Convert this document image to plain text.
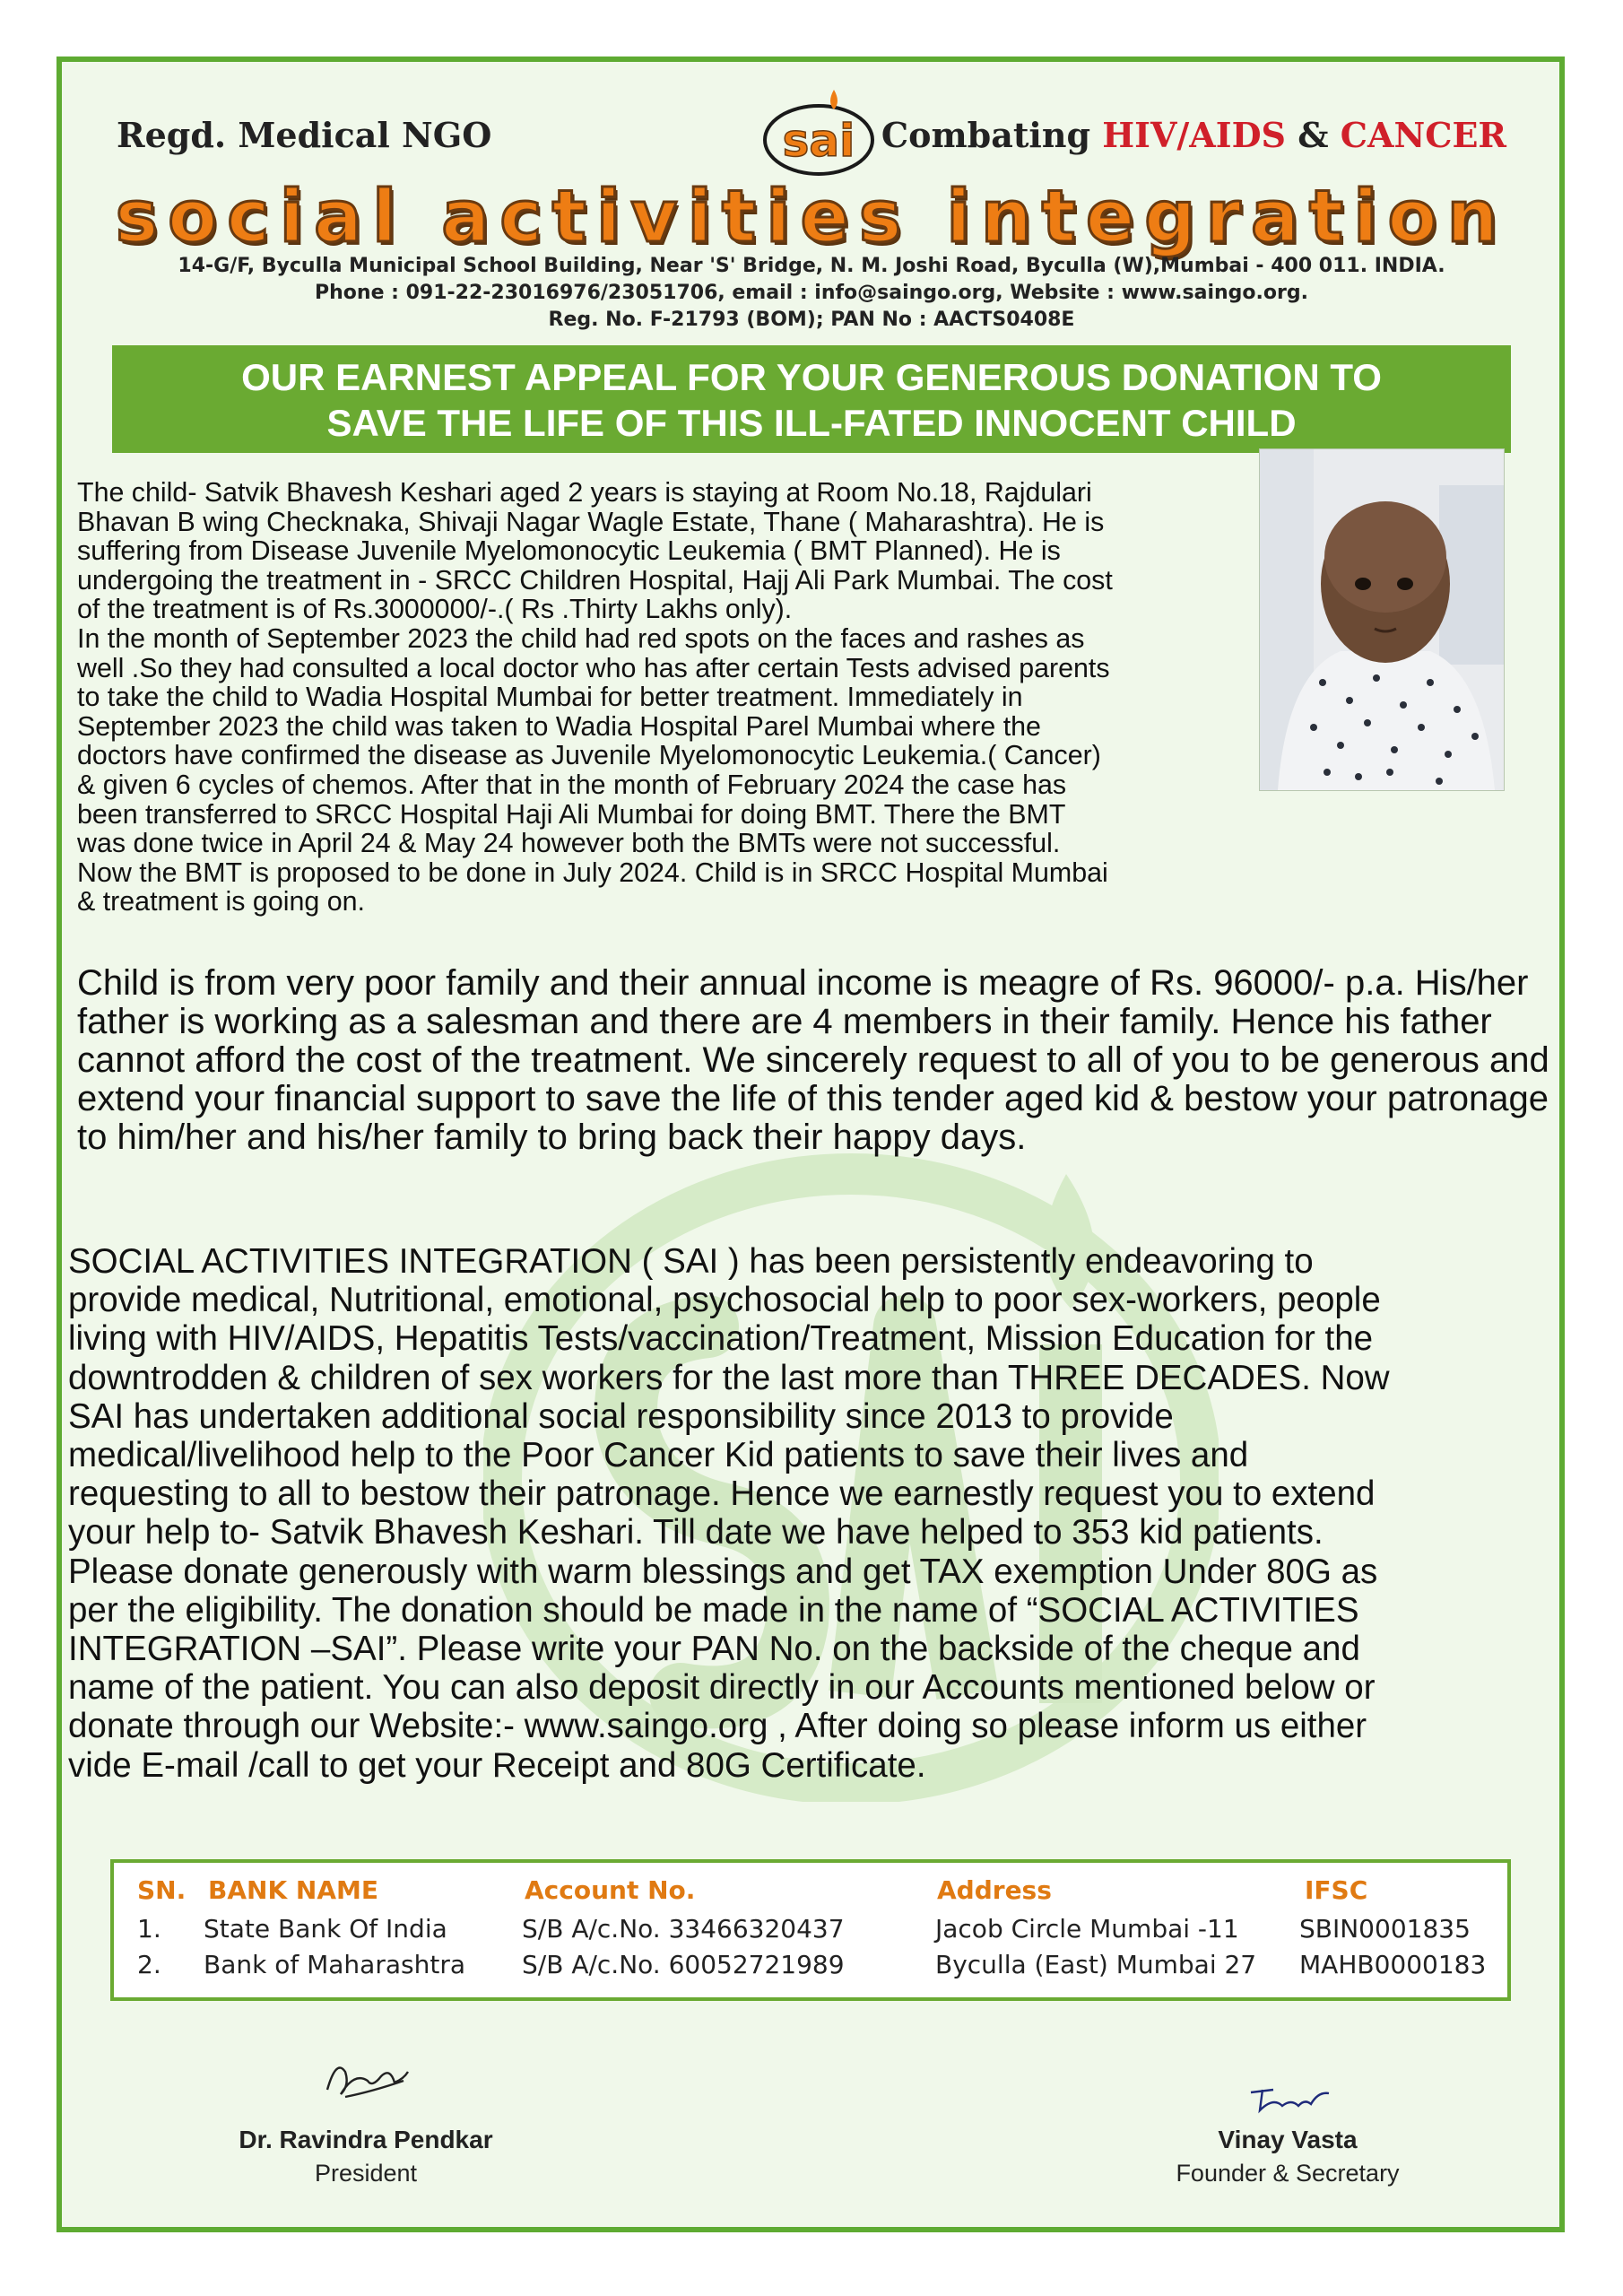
Regd. Medical NGO	Combating HIV/AIDS & CANCER
sai
social activities integration
14-G/F, Byculla Municipal School Building, Near 'S' Bridge, N. M. Joshi Road, Byculla (W),Mumbai - 400 011. INDIA.
Phone : 091-22-23016976/23051706, email : info@saingo.org, Website : www.saingo.org.
Reg. No. F-21793 (BOM); PAN No : AACTS0408E
OUR EARNEST APPEAL FOR YOUR GENEROUS DONATION TO
SAVE THE LIFE OF THIS ILL-FATED INNOCENT CHILD
The child- Satvik Bhavesh Keshari aged 2 years is staying at Room No.18, Rajdulari
Bhavan B wing Checknaka, Shivaji Nagar Wagle Estate, Thane ( Maharashtra). He is
suffering from Disease Juvenile Myelomonocytic Leukemia ( BMT Planned). He is
undergoing the treatment in - SRCC Children Hospital, Hajj Ali Park Mumbai. The cost
of the treatment is of Rs.3000000/-.( Rs .Thirty Lakhs only).
In the month of September 2023 the child had red spots on the faces and rashes as
well .So they had consulted a local doctor who has after certain Tests advised parents
to take the child to Wadia Hospital Mumbai for better treatment. Immediately in
September 2023 the child was taken to Wadia Hospital Parel Mumbai where the
doctors have confirmed the disease as Juvenile Myelomonocytic Leukemia.( Cancer)
& given 6 cycles of chemos. After that in the month of February 2024 the case has
been transferred to SRCC Hospital Haji Ali Mumbai for doing BMT. There the BMT
was done twice in April 24 & May 24 however both the BMTs were not successful.
Now the BMT is proposed to be done in July 2024. Child is in SRCC Hospital Mumbai
& treatment is going on.
Child is from very poor family and their annual income is meagre of Rs. 96000/- p.a. His/her father is working as a salesman and there are 4 members in their family. Hence his father cannot afford the cost of the treatment. We sincerely request to all of you to be generous and extend your financial support to save the life of this tender aged kid & bestow your patronage to him/her and his/her family to bring back their happy days.
SOCIAL ACTIVITIES INTEGRATION ( SAI ) has been persistently endeavoring to
provide medical, Nutritional, emotional, psychosocial help to poor sex-workers, people
living with HIV/AIDS, Hepatitis Tests/vaccination/Treatment, Mission Education for the
downtrodden & children of sex workers for the last more than THREE DECADES. Now
SAI has undertaken additional social responsibility since 2013 to provide
medical/livelihood help to the Poor Cancer Kid patients to save their lives and
requesting to all to bestow their patronage. Hence we earnestly request you to extend
your help to- Satvik Bhavesh Keshari. Till date we have helped to 353 kid patients.
Please donate generously with warm blessings and get TAX exemption Under 80G as
per the eligibility. The donation should be made in the name of “SOCIAL ACTIVITIES
INTEGRATION –SAI”. Please write your PAN No. on the backside of the cheque and
name of the patient. You can also deposit directly in our Accounts mentioned below or
donate through our Website:- www.saingo.org , After doing so please inform us either
vide E-mail /call to get your Receipt and 80G Certificate.
SN. BANK NAME	Account No.	Address	IFSC
1. State Bank Of India	S/B A/c.No. 33466320437	Jacob Circle Mumbai -11 SBIN0001835
2. Bank of Maharashtra S/B A/c.No. 60052721989	Byculla (East) Mumbai 27 MAHB0000183
Dr. Ravindra Pendkar
President
Vinay Vasta
Founder & Secretary
